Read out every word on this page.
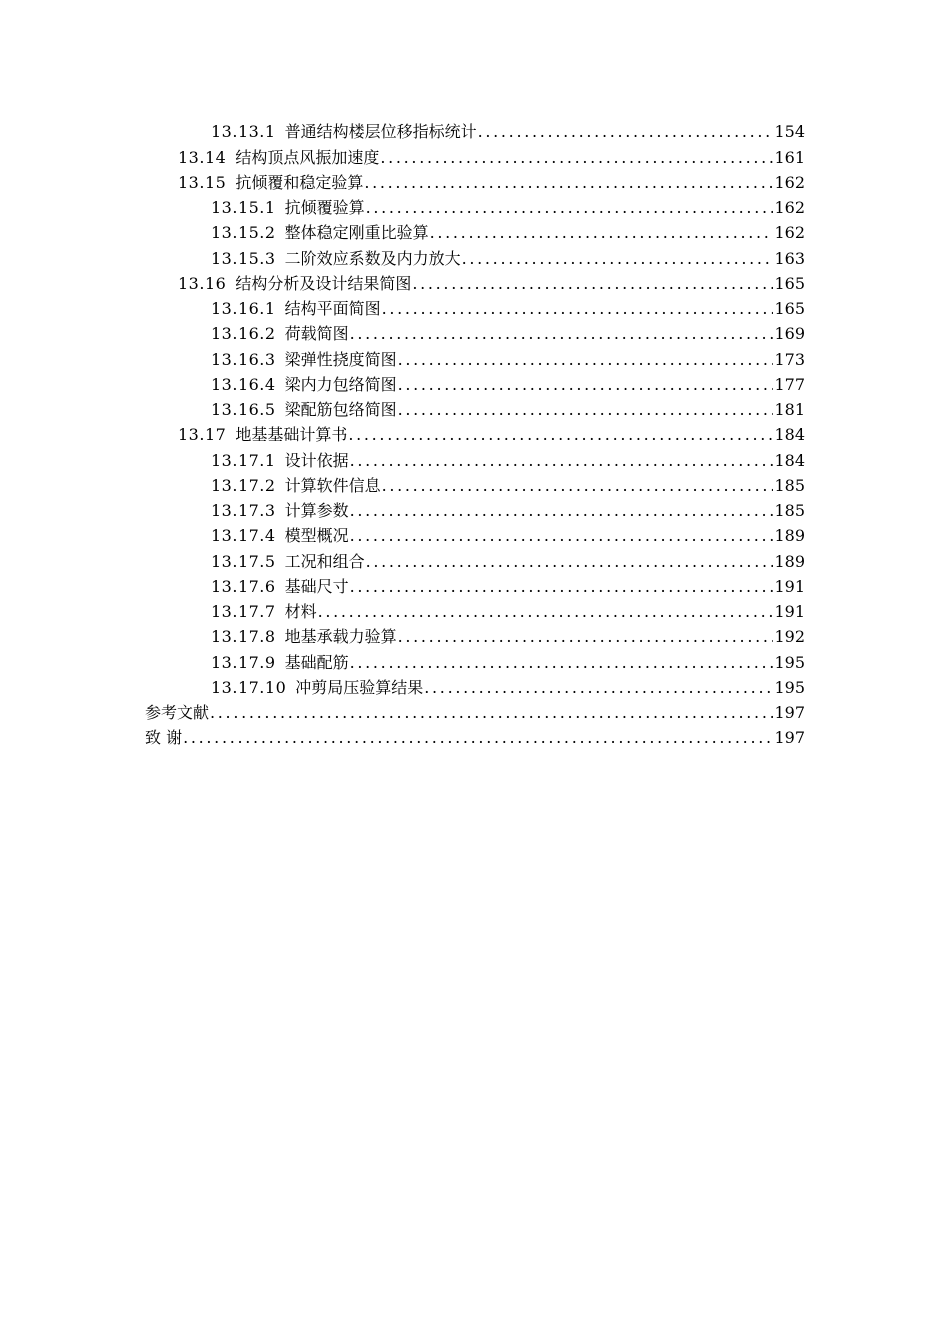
13.13.1 普通结构楼层位移指标统计 . . .	154
13.14 结构顶点风振加速度 . . .	161
13.15 抗倾覆和稳定验算 . . .	162
13.15.1 抗倾覆验算 . . .	162
13.15.2 整体稳定刚重比验算 . . .	162
13.15.3 二阶效应系数及内力放大 . . .	163
13.16 结构分析及设计结果简图 . . .	165
13.16.1 结构平面简图 . . .	165
13.16.2 荷载简图 . . .	169
13.16.3 梁弹性挠度简图 . . .	173
13.16.4 梁内力包络简图 . . .	177
13.16.5 梁配筋包络简图 . . .	181
13.17 地基基础计算书 . . .	184
13.17.1 设计依据 . . .	184
13.17.2 计算软件信息 . . .	185
13.17.3 计算参数 . . .	185
13.17.4 模型概况 . . .	189
13.17.5 工况和组合 . . .	189
13.17.6 基础尺寸 . . .	191
13.17.7 材料 . . .	191
13.17.8 地基承载力验算 . . .	192
13.17.9 基础配筋 . . .	195
13.17.10 冲剪局压验算结果 . . .	195
参考文献 . . .	197
致 谢 . . .	197
